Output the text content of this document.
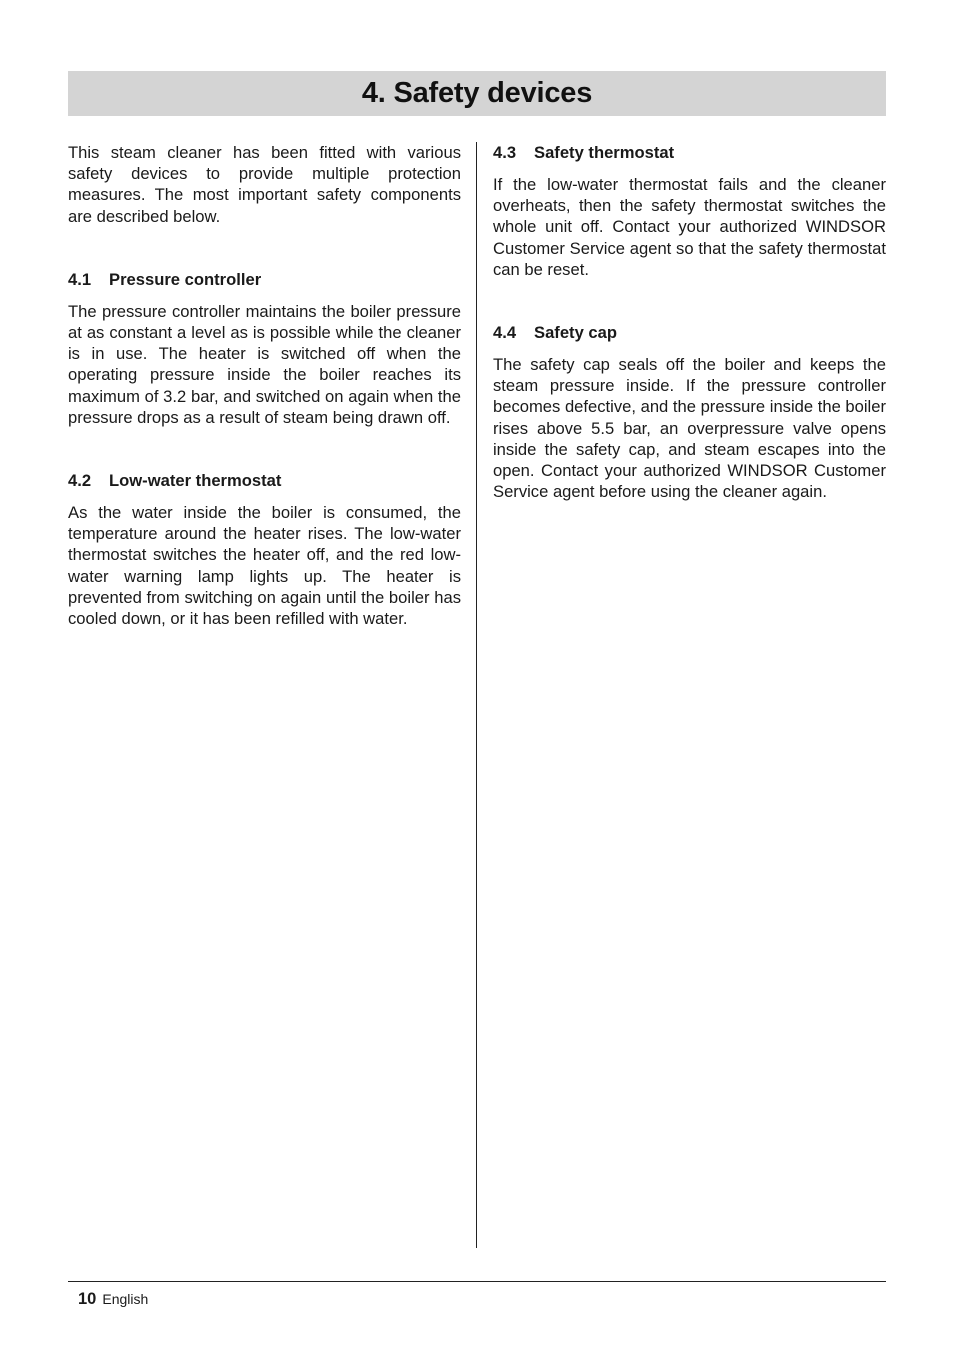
4. Safety devices

This steam cleaner has been fitted with various safety devices to provide multiple protection measures. The most important safety components are described below.

4.1 Pressure controller

The pressure controller maintains the boiler pressure at as constant a level as is possible while the cleaner is in use. The heater is switched off when the operating pressure inside the boiler reaches its maximum of 3.2 bar, and switched on again when the pressure drops as a result of steam being drawn off.

4.2 Low-water thermostat

As the water inside the boiler is consumed, the temperature around the heater rises. The low-water thermostat switches the heater off, and the red low-water warning lamp lights up. The heater is prevented from switching on again until the boiler has cooled down, or it has been refilled with water.

4.3 Safety thermostat

If the low-water thermostat fails and the cleaner overheats, then the safety thermostat switches the whole unit off. Contact your authorized WINDSOR Customer Service agent so that the safety thermostat can be reset.

4.4 Safety cap

The safety cap seals off the boiler and keeps the steam pressure inside. If the pressure controller becomes defective, and the pressure inside the boiler rises above 5.5 bar, an overpressure valve opens inside the safety cap, and steam escapes into the open. Contact your authorized WINDSOR Customer Service agent before using the cleaner again.

10 English
